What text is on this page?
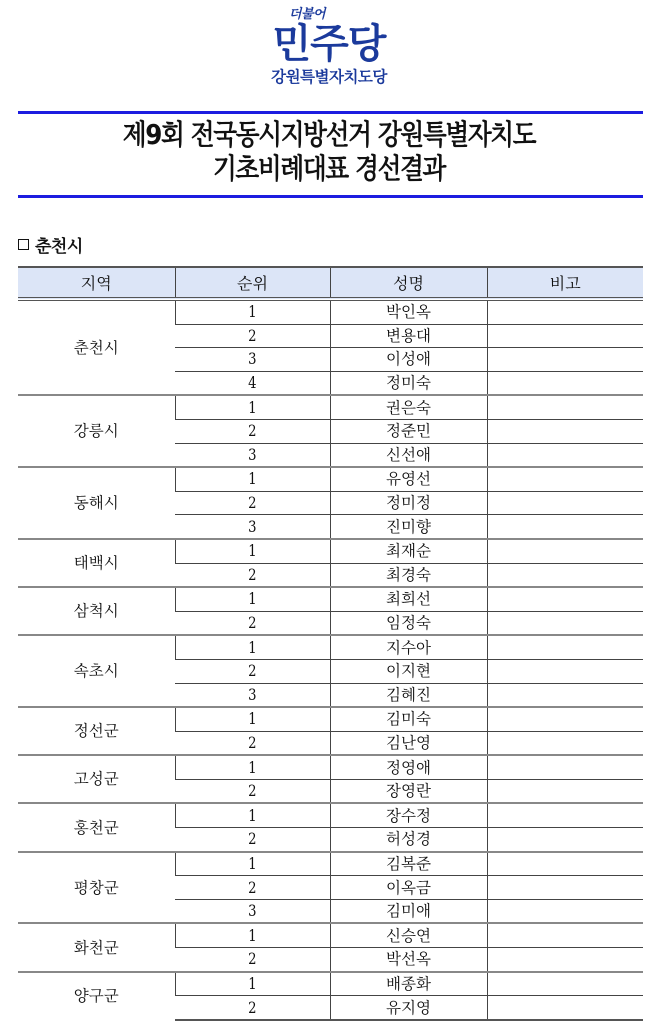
더불어
민주당
강원특별자치도당
제9회 전국동시지방선거 강원특별자치도
기초비례대표 경선결과
춘천시
지역	순위	성명	비고
춘천시	1	박인옥	
	2	변용대	
	3	이성애	
	4	정미숙	
강릉시	1	권은숙	
	2	정준민	
	3	신선애	
동해시	1	유영선	
	2	정미정	
	3	진미향	
태백시	1	최재순	
	2	최경숙	
삼척시	1	최희선	
	2	임정숙	
속초시	1	지수아	
	2	이지현	
	3	김혜진	
정선군	1	김미숙	
	2	김난영	
고성군	1	정영애	
	2	장영란	
홍천군	1	장수정	
	2	허성경	
평창군	1	김복준	
	2	이옥금	
	3	김미애	
화천군	1	신승연	
	2	박선옥	
양구군	1	배종화	
	2	유지영	
